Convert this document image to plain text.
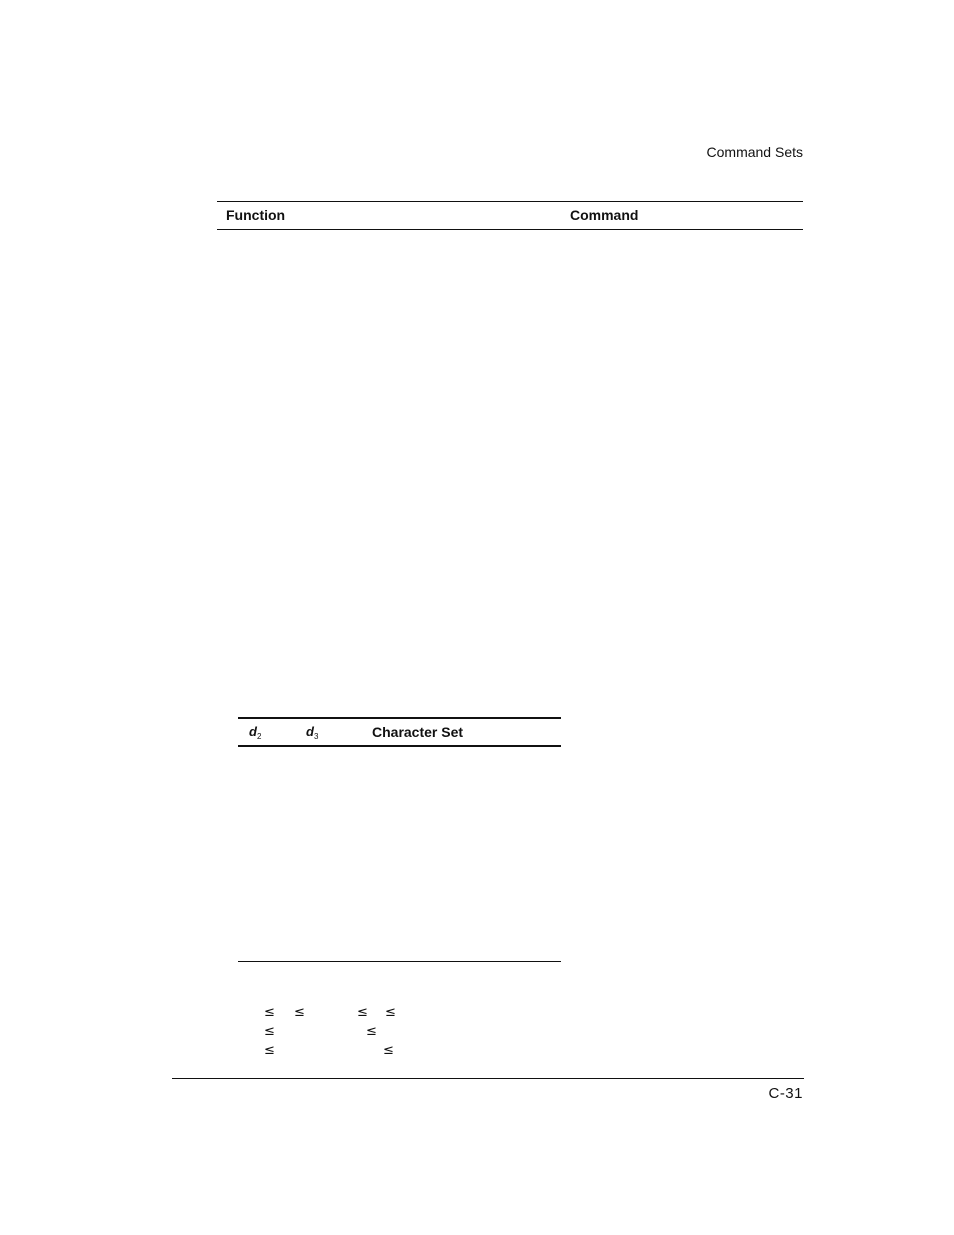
Command Sets
Function	Command
$d_2$	$d_3$	Character Set
≤ ≤	≤ ≤
≤	≤
≤	≤
C-31
